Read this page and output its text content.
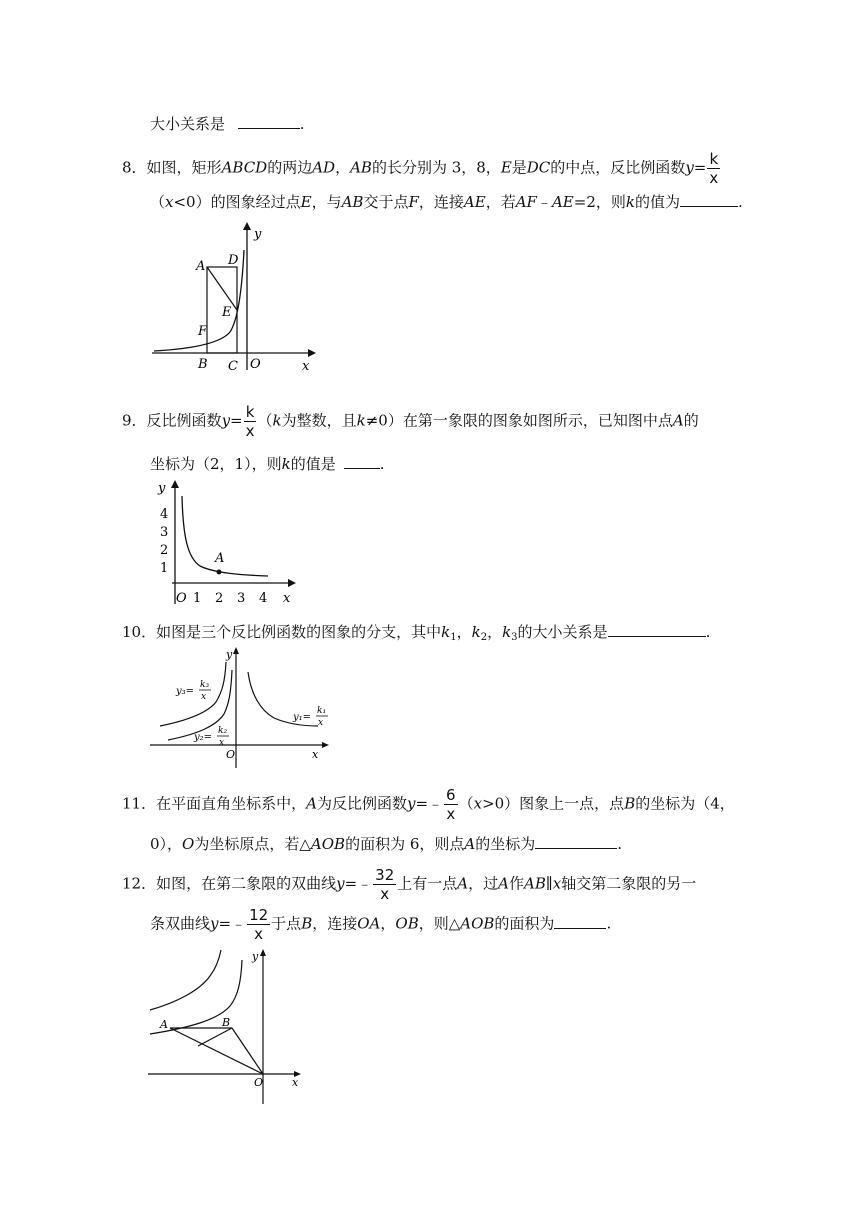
大小关系是	.
8．如图，矩形ABCD的两边AD，AB的长分别为 3，8，E是DC的中点，反比例函数$y= \frac{k}{x}$
（x<0）的图象经过点E，与AB交于点F，连接AE，若AF﹣AE=2，则k的值为	.
A D
E
F
B C O	x
y
9．反比例函数$y= \frac{k}{x} (k$为整数，且k≠0）在第一象限的图象如图所示，已知图中点A的
坐标为（2，1），则k的值是	.
A
y
O	x
1 2 3 4
1
2
3
4
10．如图是三个反比例函数的图象的分支，其中$k_1$，$k_2$，$k_3$的大小关系是	.
y
x
O
y₃=
k₃
x
y₂=
k₂
x
y₁=
k₁
x
11．在平面直角坐标系中，A为反比例函数y=﹣ $\frac{6}{x} (x>0)$图象上一点，点B的坐标为（4，
0），O为坐标原点，若△AOB的面积为 6，则点A的坐标为	.
12．如图，在第二象限的双曲线y=﹣ $\frac{32}{x}$ 上有一点A，过A作AB∥x轴交第二象限的另一
条双曲线y=﹣ $\frac{12}{x}$ 于点B，连接OA，OB，则△AOB的面积为	.
A	B
O	x
y
